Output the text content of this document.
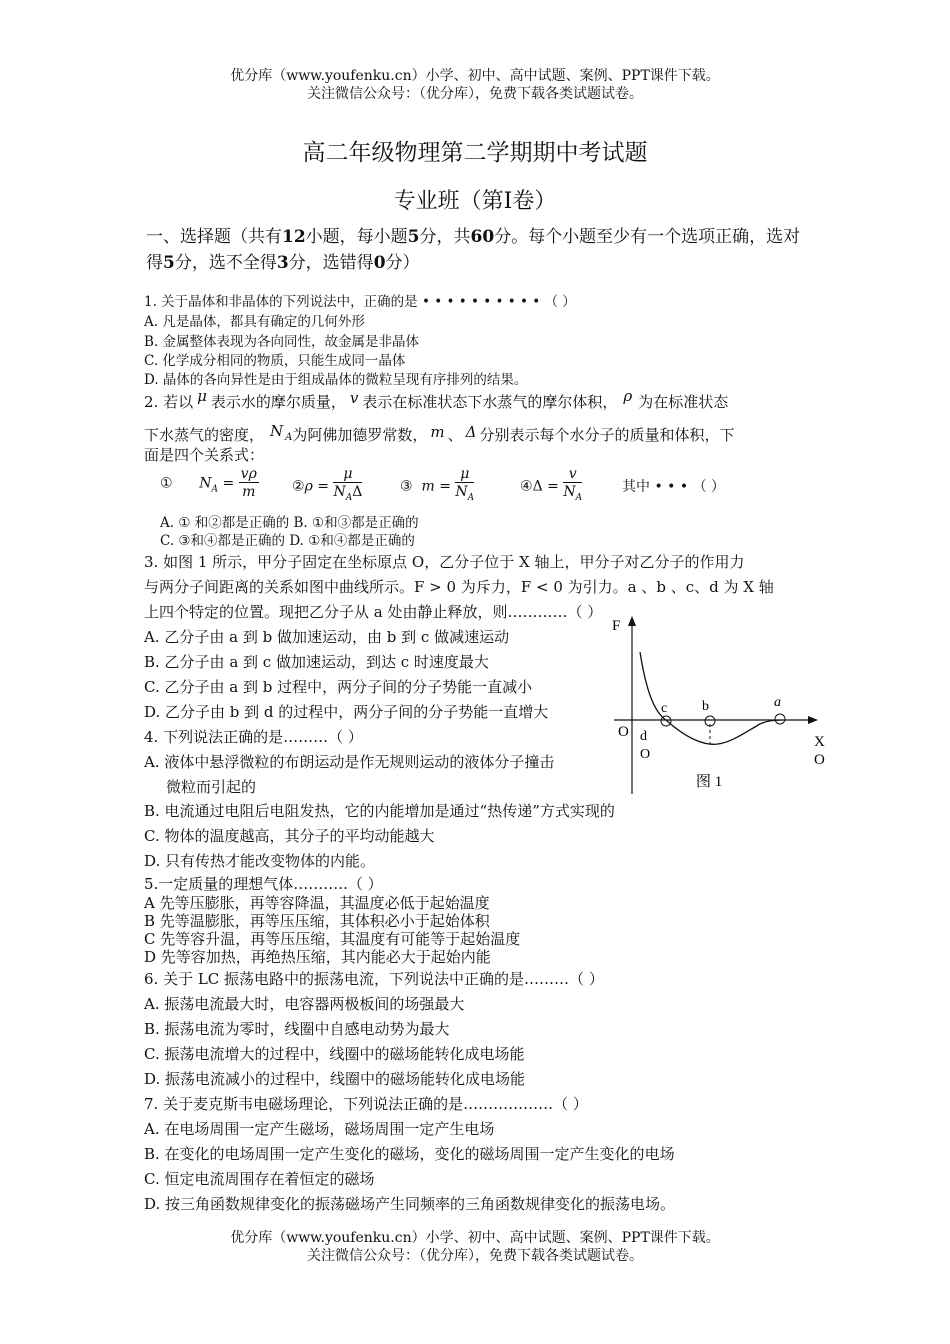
优分库（www.youfenku.cn）小学、初中、高中试题、案例、PPT课件下载。
关注微信公众号：（优分库），免费下载各类试题试卷。
高二年级物理第二学期期中考试题
专业班（第Ⅰ卷）
一、选择题（共有12小题，每小题5分，共60分。每个小题至少有一个选项正确，选对得5分，选不全得3分，选错得0分）
1. 关于晶体和非晶体的下列说法中，正确的是 • • • • • • • • • • （ ）
A. 凡是晶体，都具有确定的几何外形
B. 金属整体表现为各向同性，故金属是非晶体
C. 化学成分相同的物质，只能生成同一晶体
D. 晶体的各向异性是由于组成晶体的微粒呈现有序排列的结果。
2. 若以 μ 表示水的摩尔质量， v 表示在标准状态下水蒸气的摩尔体积， ρ 为在标准状态
下水蒸气的密度， N $_A$为阿佛加德罗常数， m 、 Δ 分别表示每个水分子的质量和体积，下
面是四个关系式：
① $N_A = \frac{v\rho}{m}$ ②ρ = $\frac{\mu}{N_A\Delta}$	③ $m = \frac{\mu}{N_A}$	④Δ = $\frac{v}{N_A}$	其中 • • • （ ）
A. ① 和②都是正确的 B. ①和③都是正确的
C. ③和④都是正确的 D. ①和④都是正确的
3. 如图 1 所示，甲分子固定在坐标原点 O，乙分子位于 X 轴上，甲分子对乙分子的作用力
与两分子间距离的关系如图中曲线所示。F > 0 为斥力，F < 0 为引力。a 、b 、c、d 为 X 轴
上四个特定的位置。现把乙分子从 a 处由静止释放，则…………（ ）
A. 乙分子由 a 到 b 做加速运动，由 b 到 c 做减速运动
B. 乙分子由 a 到 c 做加速运动，到达 c 时速度最大
C. 乙分子由 a 到 b 过程中，两分子间的分子势能一直减小
D. 乙分子由 b 到 d 的过程中，两分子间的分子势能一直增大
F
X
O
O
c b	a
d
O
图 1
4. 下列说法正确的是………（ ）
A. 液体中悬浮微粒的布朗运动是作无规则运动的液体分子撞击
微粒而引起的
B. 电流通过电阻后电阻发热，它的内能增加是通过“热传递”方式实现的
C. 物体的温度越高，其分子的平均动能越大
D. 只有传热才能改变物体的内能。
5.一定质量的理想气体………..（ ）
A 先等压膨胀，再等容降温，其温度必低于起始温度
B 先等温膨胀，再等压压缩，其体积必小于起始体积
C 先等容升温，再等压压缩，其温度有可能等于起始温度
D 先等容加热，再绝热压缩，其内能必大于起始内能
6. 关于 LC 振荡电路中的振荡电流，下列说法中正确的是………（ ）
A. 振荡电流最大时，电容器两极板间的场强最大
B. 振荡电流为零时，线圈中自感电动势为最大
C. 振荡电流增大的过程中，线圈中的磁场能转化成电场能
D. 振荡电流减小的过程中，线圈中的磁场能转化成电场能
7. 关于麦克斯韦电磁场理论，下列说法正确的是………………（ ）
A. 在电场周围一定产生磁场，磁场周围一定产生电场
B. 在变化的电场周围一定产生变化的磁场，变化的磁场周围一定产生变化的电场
C. 恒定电流周围存在着恒定的磁场
D. 按三角函数规律变化的振荡磁场产生同频率的三角函数规律变化的振荡电场。
优分库（www.youfenku.cn）小学、初中、高中试题、案例、PPT课件下载。
关注微信公众号：（优分库），免费下载各类试题试卷。
